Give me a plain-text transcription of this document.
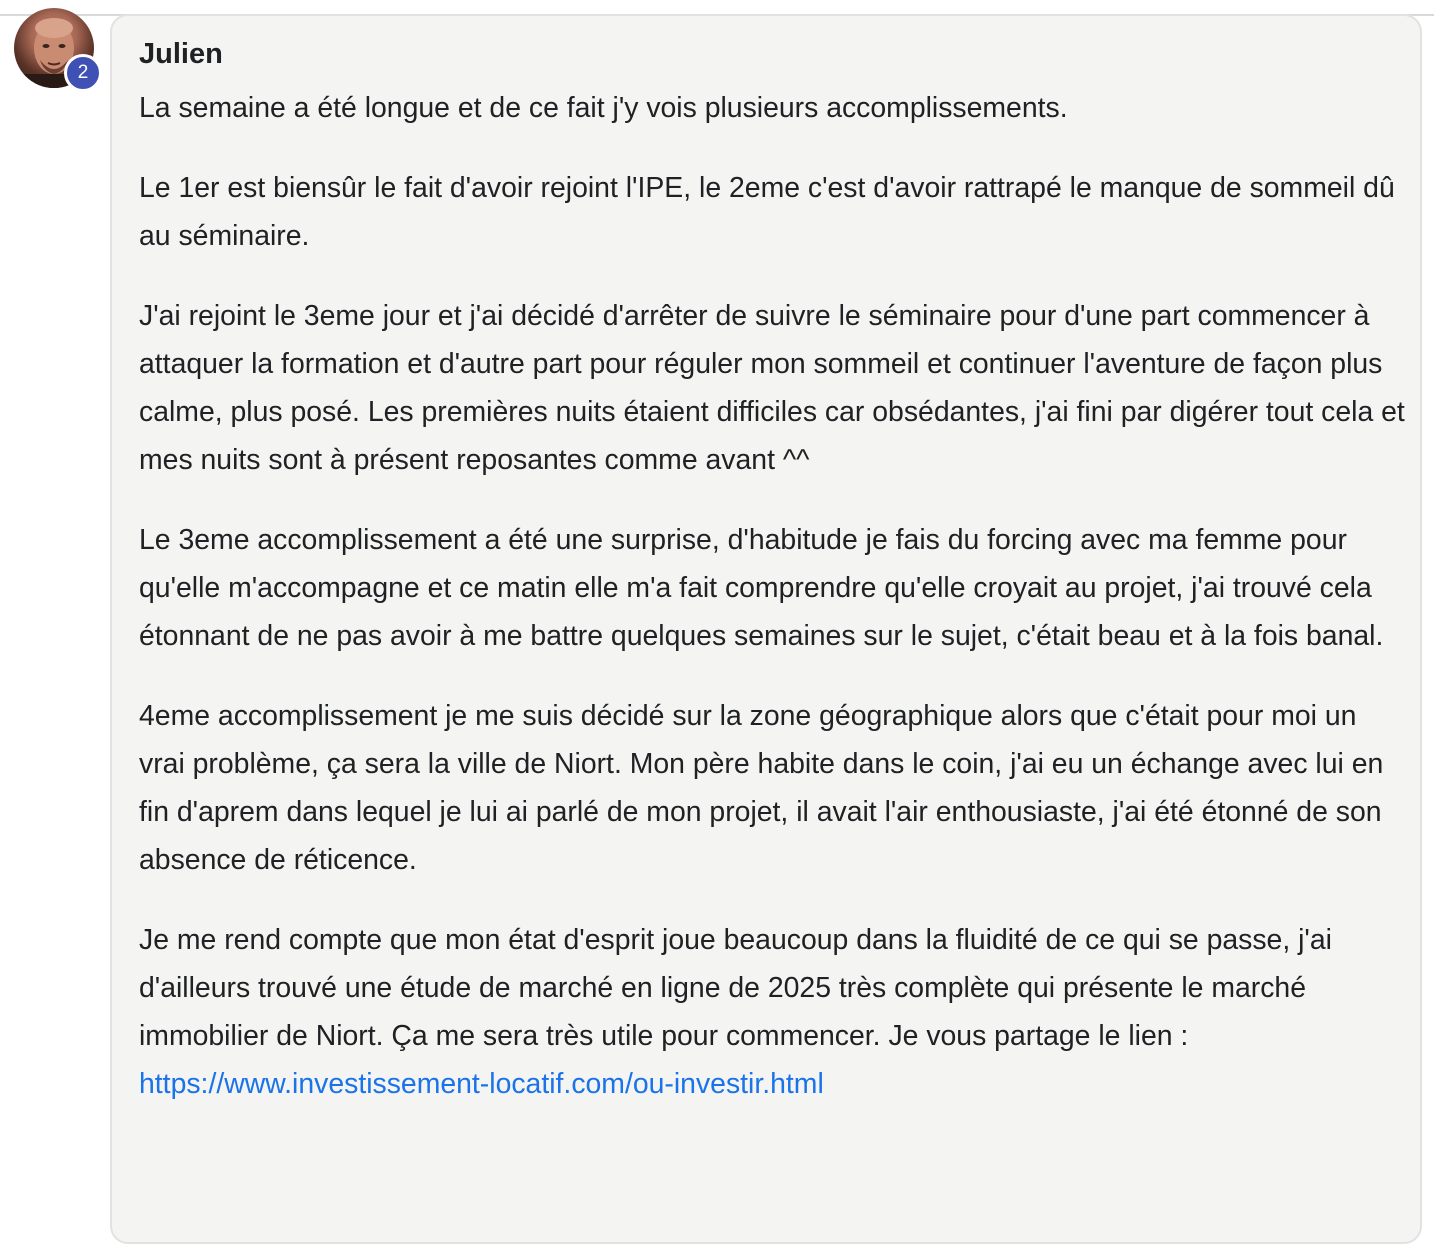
2
Julien

La semaine a été longue et de ce fait j'y vois plusieurs accomplissements.

Le 1er est biensûr le fait d'avoir rejoint l'IPE, le 2eme c'est d'avoir rattrapé le manque de sommeil dû au séminaire.

J'ai rejoint le 3eme jour et j'ai décidé d'arrêter de suivre le séminaire pour d'une part commencer à attaquer la formation et d'autre part pour réguler mon sommeil et continuer l'aventure de façon plus calme, plus posé. Les premières nuits étaient difficiles car obsédantes, j'ai fini par digérer tout cela et mes nuits sont à présent reposantes comme avant ^^

Le 3eme accomplissement a été une surprise, d'habitude je fais du forcing avec ma femme pour qu'elle m'accompagne et ce matin elle m'a fait comprendre qu'elle croyait au projet, j'ai trouvé cela étonnant de ne pas avoir à me battre quelques semaines sur le sujet, c'était beau et à la fois banal.

4eme accomplissement je me suis décidé sur la zone géographique alors que c'était pour moi un vrai problème, ça sera la ville de Niort. Mon père habite dans le coin, j'ai eu un échange avec lui en fin d'aprem dans lequel je lui ai parlé de mon projet, il avait l'air enthousiaste, j'ai été étonné de son absence de réticence.

Je me rend compte que mon état d'esprit joue beaucoup dans la fluidité de ce qui se passe, j'ai d'ailleurs trouvé une étude de marché en ligne de 2025 très complète qui présente le marché immobilier de Niort. Ça me sera très utile pour commencer. Je vous partage le lien : https://www.investissement-locatif.com/ou-investir.html
